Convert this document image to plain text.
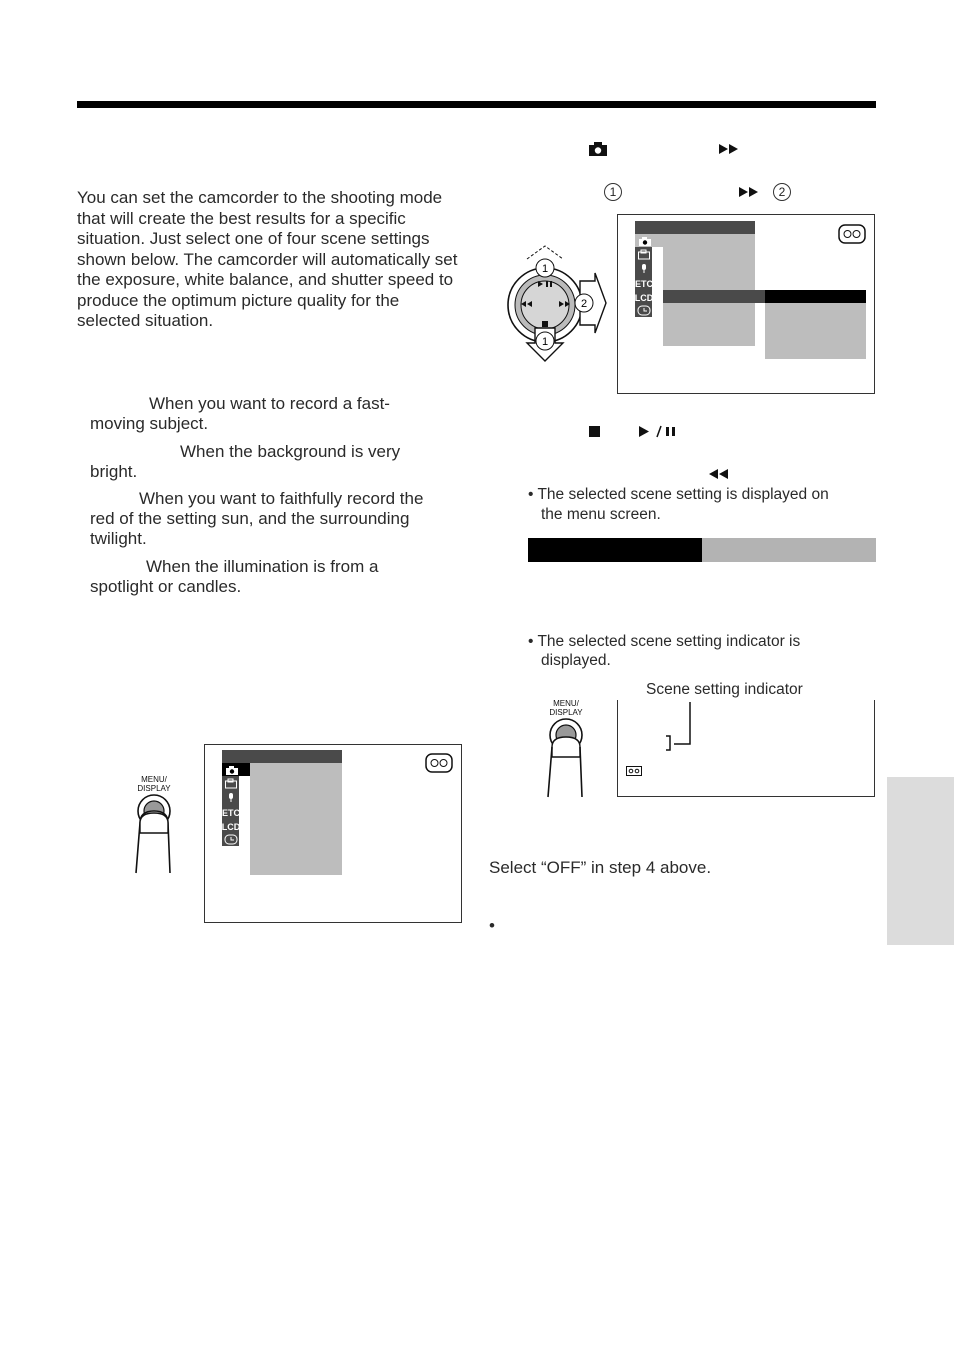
You can set the camcorder to the shooting mode that will create the best results for a specific situation. Just select one of four scene settings shown below. The camcorder will automatically set the exposure, white balance, and shutter speed to produce the optimum picture quality for the selected situation.
When you want to record a fast-
moving subject.
When the background is very
bright.
When you want to faithfully record the
red of the setting sun, and the surrounding
twilight.
When the illumination is from a
spotlight or candles.
MENU/
DISPLAY
ETC
LCD
1	2
1
2
1
ETC
LCD
• The selected scene setting is displayed on
the menu screen.
• The selected scene setting indicator is
displayed.
MENU/
DISPLAY
Scene setting indicator
Select “OFF” in step 4 above.
•
